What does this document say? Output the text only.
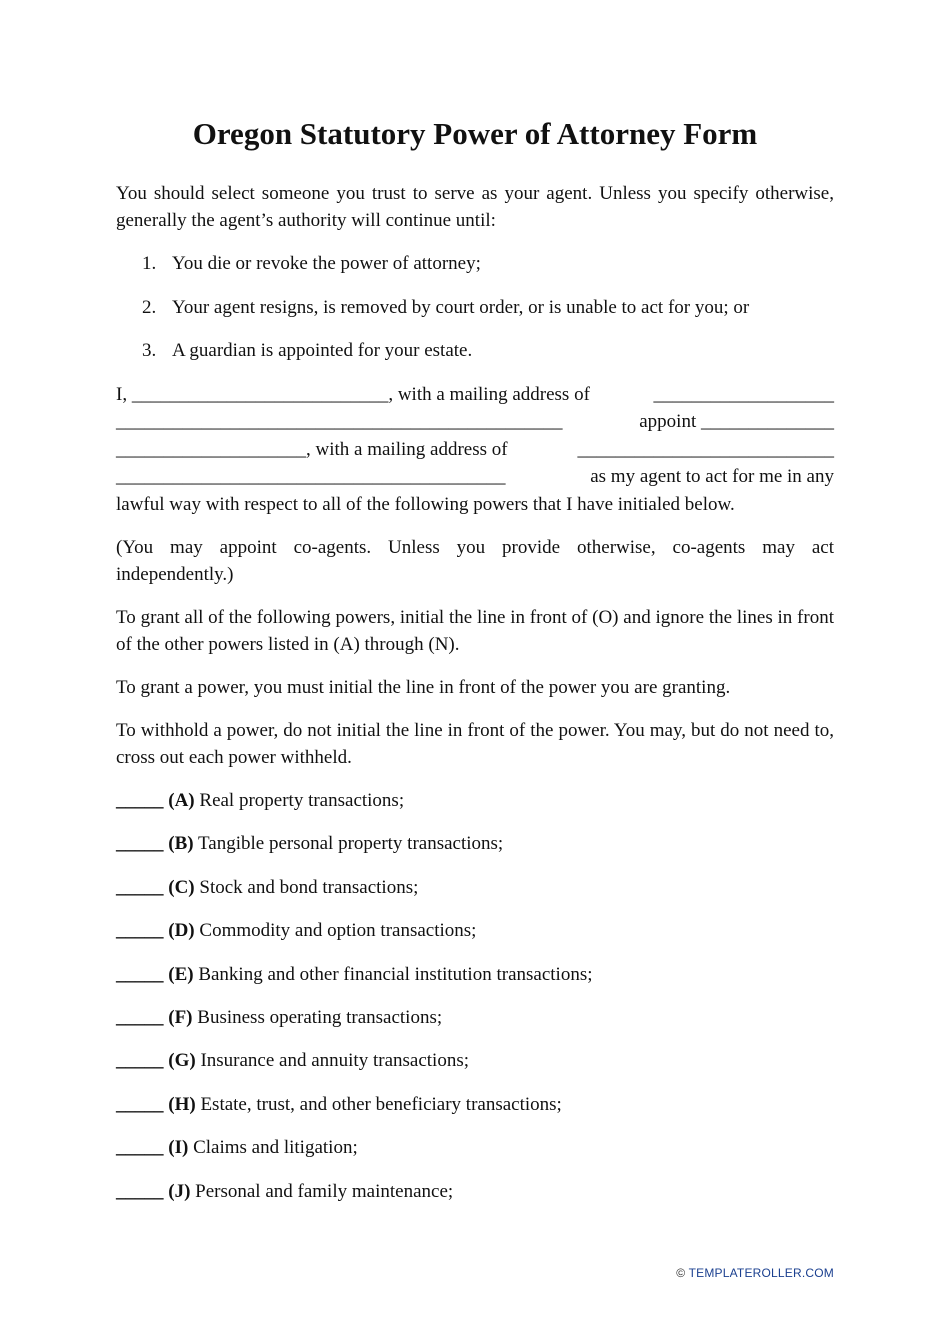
Oregon Statutory Power of Attorney Form

You should select someone you trust to serve as your agent. Unless you specify otherwise, generally the agent’s authority will continue until:

1. You die or revoke the power of attorney;
2. Your agent resigns, is removed by court order, or is unable to act for you; or
3. A guardian is appointed for your estate.
I, ___________________________, with a mailing address of	___________________
_______________________________________________	appoint ______________
____________________, with a mailing address of	___________________________
_________________________________________	as my agent to act for me in any
lawful way with respect to all of the following powers that I have initialed below.

(You may appoint co-agents. Unless you provide otherwise, co-agents may act independently.)

To grant all of the following powers, initial the line in front of (O) and ignore the lines in front of the other powers listed in (A) through (N).

To grant a power, you must initial the line in front of the power you are granting.

To withhold a power, do not initial the line in front of the power. You may, but do not need to, cross out each power withheld.

_____ (A) Real property transactions;
_____ (B) Tangible personal property transactions;
_____ (C) Stock and bond transactions;
_____ (D) Commodity and option transactions;
_____ (E) Banking and other financial institution transactions;
_____ (F) Business operating transactions;
_____ (G) Insurance and annuity transactions;
_____ (H) Estate, trust, and other beneficiary transactions;
_____ (I) Claims and litigation;
_____ (J) Personal and family maintenance;
© TEMPLATEROLLER.COM
